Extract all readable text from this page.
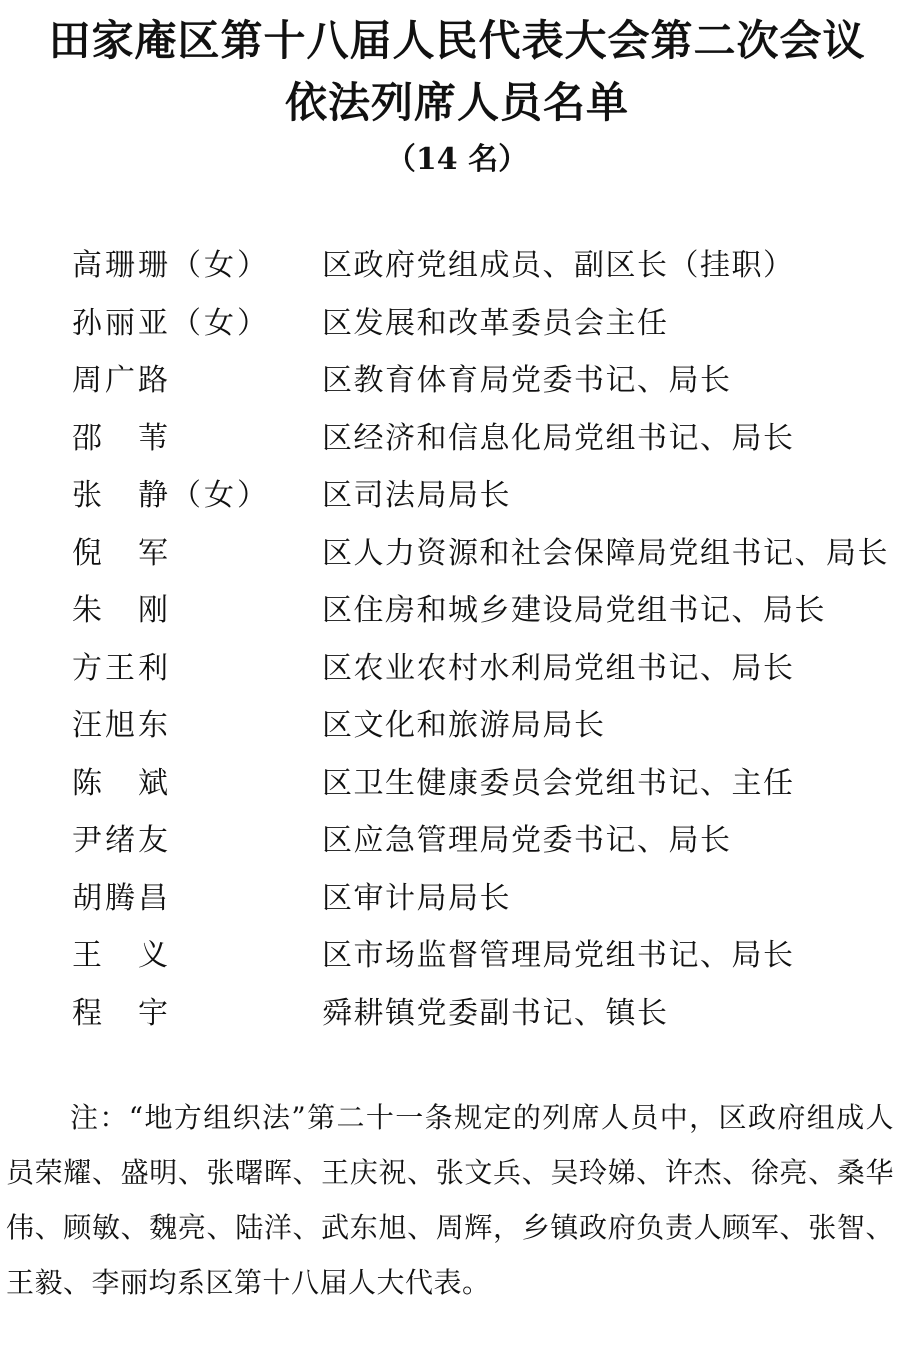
田家庵区第十八届人民代表大会第二次会议
依法列席人员名单
（14 名）
高珊珊（女） 区政府党组成员、副区长（挂职）
孙丽亚（女） 区发展和改革委员会主任
周广路	区教育体育局党委书记、局长
邵　苇	区经济和信息化局党组书记、局长
张　静（女） 区司法局局长
倪　军	区人力资源和社会保障局党组书记、局长
朱　刚	区住房和城乡建设局党组书记、局长
方王利	区农业农村水利局党组书记、局长
汪旭东	区文化和旅游局局长
陈　斌	区卫生健康委员会党组书记、主任
尹绪友	区应急管理局党委书记、局长
胡腾昌	区审计局局长
王　义	区市场监督管理局党组书记、局长
程　宇	舜耕镇党委副书记、镇长

注：“地方组织法”第二十一条规定的列席人员中，区政府组成人员荣耀、盛明、张曙晖、王庆祝、张文兵、吴玲娣、许杰、徐亮、桑华伟、顾敏、魏亮、陆洋、武东旭、周辉，乡镇政府负责人顾军、张智、王毅、李丽均系区第十八届人大代表。
